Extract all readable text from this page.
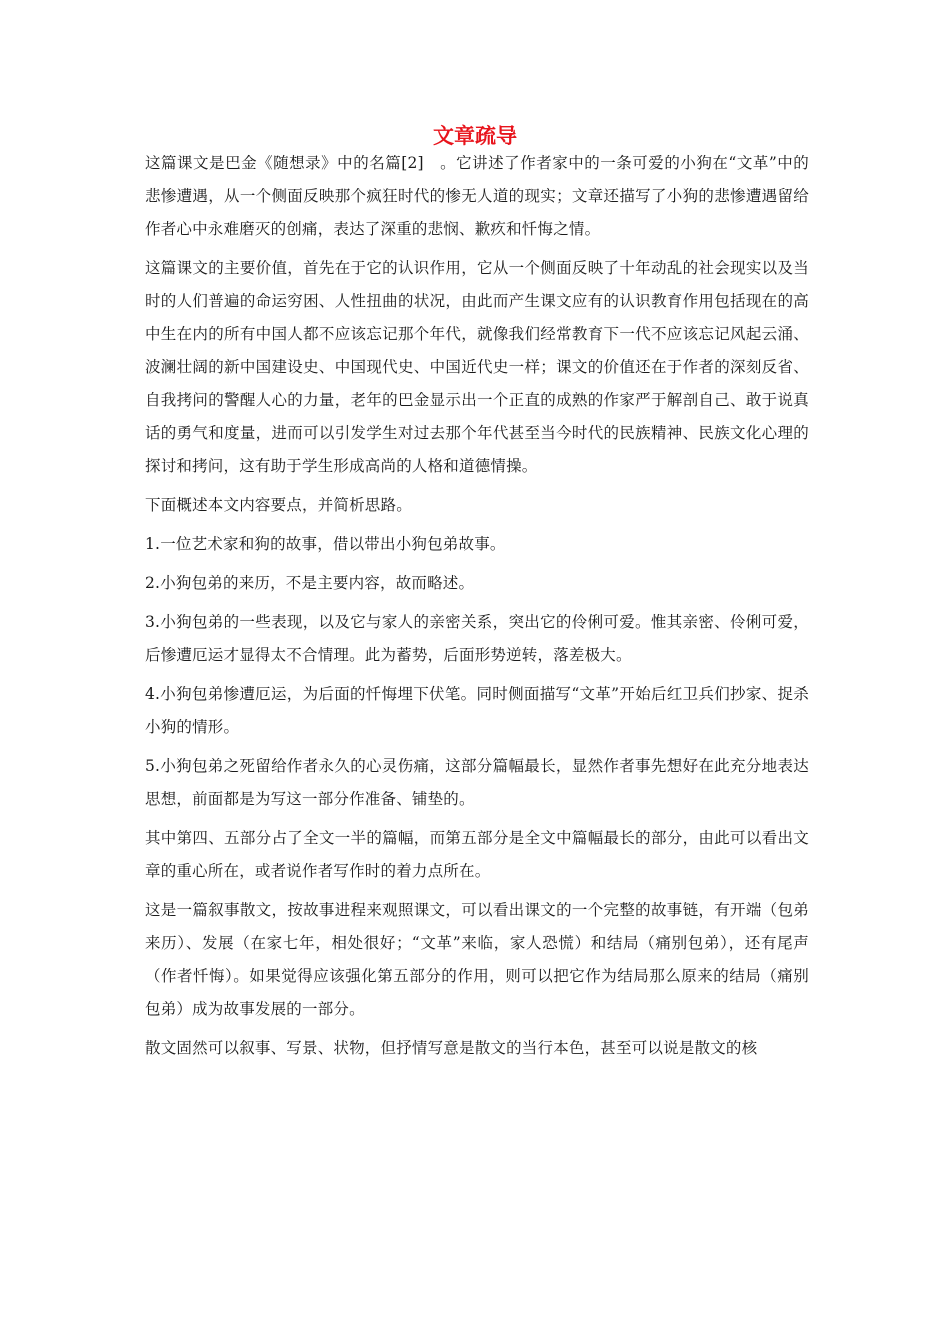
文章疏导

这篇课文是巴金《随想录》中的名篇[2]　。它讲述了作者家中的一条可爱的小狗在“文革”中的悲惨遭遇，从一个侧面反映那个疯狂时代的惨无人道的现实；文章还描写了小狗的悲惨遭遇留给作者心中永难磨灭的创痛，表达了深重的悲悯、歉疚和忏悔之情。

这篇课文的主要价值，首先在于它的认识作用，它从一个侧面反映了十年动乱的社会现实以及当时的人们普遍的命运穷困、人性扭曲的状况，由此而产生课文应有的认识教育作用包括现在的高中生在内的所有中国人都不应该忘记那个年代，就像我们经常教育下一代不应该忘记风起云涌、波澜壮阔的新中国建设史、中国现代史、中国近代史一样；课文的价值还在于作者的深刻反省、自我拷问的警醒人心的力量，老年的巴金显示出一个正直的成熟的作家严于解剖自己、敢于说真话的勇气和度量，进而可以引发学生对过去那个年代甚至当今时代的民族精神、民族文化心理的探讨和拷问，这有助于学生形成高尚的人格和道德情操。

下面概述本文内容要点，并简析思路。

1.一位艺术家和狗的故事，借以带出小狗包弟故事。

2.小狗包弟的来历，不是主要内容，故而略述。

3.小狗包弟的一些表现，以及它与家人的亲密关系，突出它的伶俐可爱。惟其亲密、伶俐可爱，后惨遭厄运才显得太不合情理。此为蓄势，后面形势逆转，落差极大。

4.小狗包弟惨遭厄运，为后面的忏悔埋下伏笔。同时侧面描写“文革”开始后红卫兵们抄家、捉杀小狗的情形。

5.小狗包弟之死留给作者永久的心灵伤痛，这部分篇幅最长，显然作者事先想好在此充分地表达思想，前面都是为写这一部分作准备、铺垫的。

其中第四、五部分占了全文一半的篇幅，而第五部分是全文中篇幅最长的部分，由此可以看出文章的重心所在，或者说作者写作时的着力点所在。

这是一篇叙事散文，按故事进程来观照课文，可以看出课文的一个完整的故事链，有开端（包弟来历）、发展（在家七年，相处很好；“文革”来临，家人恐慌）和结局（痛别包弟），还有尾声（作者忏悔）。如果觉得应该强化第五部分的作用，则可以把它作为结局那么原来的结局（痛别包弟）成为故事发展的一部分。

散文固然可以叙事、写景、状物，但抒情写意是散文的当行本色，甚至可以说是散文的核
